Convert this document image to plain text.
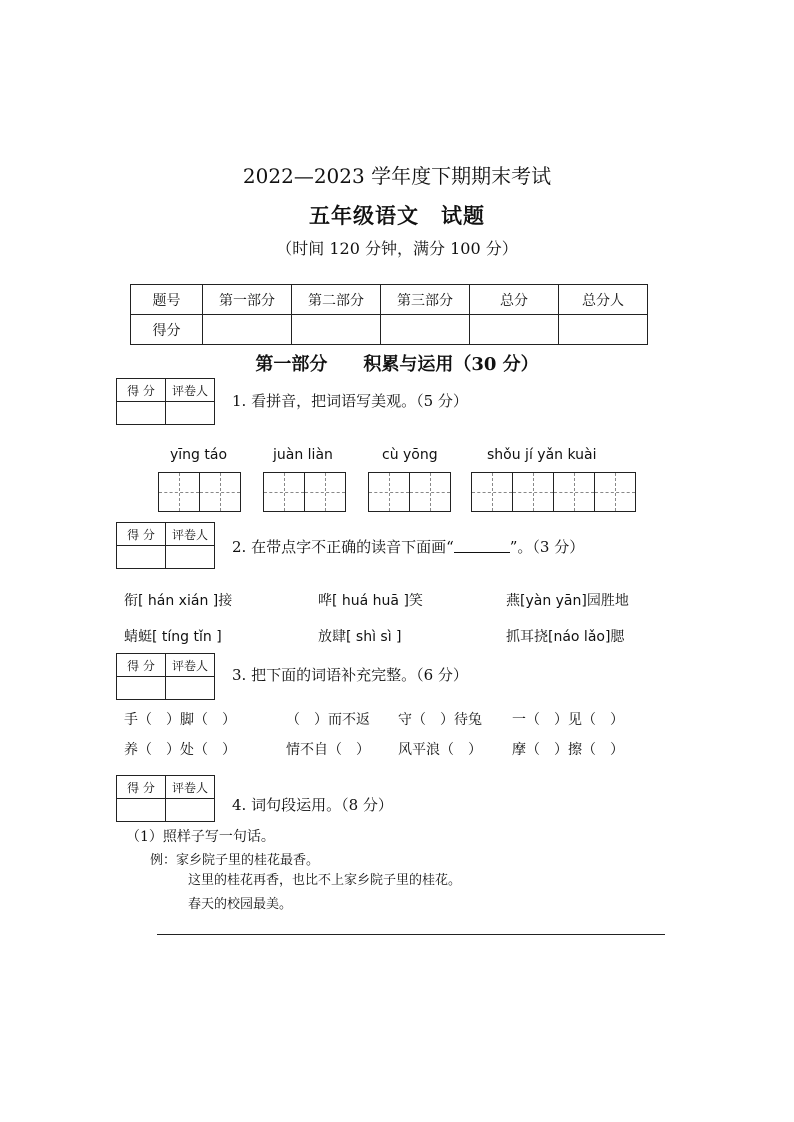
2022—2023 学年度下期期末考试
五年级语文　试题
（时间 120 分钟，满分 100 分）
题号	第一部分	第二部分	第三部分	总分	总分人
得分					
第一部分　　积累与运用（30 分）
得 分	评卷人

1. 看拼音，把词语写美观。（5 分）
yīng táo	juàn liàn	cù yōng	shǒu jí yǎn kuài
得 分	评卷人

2. 在带点字不正确的读音下面画“	”。（3 分）
衔[ hán xián ]接	哗[ huá huā ]笑	燕[yàn yān]园胜地
蜻蜓[ tíng tǐn ]	放肆[ shì sì ]	抓耳挠[náo lǎo]腮
得 分	评卷人

3. 把下面的词语补充完整。（6 分）
手（　）脚（　）	（　）而不返 守（　）待兔 一（　）见（　）
养（　）处（　）	情不自（　） 风平浪（　） 摩（　）擦（　）
得 分	评卷人

4. 词句段运用。（8 分）
（1）照样子写一句话。
例：家乡院子里的桂花最香。
这里的桂花再香，也比不上家乡院子里的桂花。
春天的校园最美。
